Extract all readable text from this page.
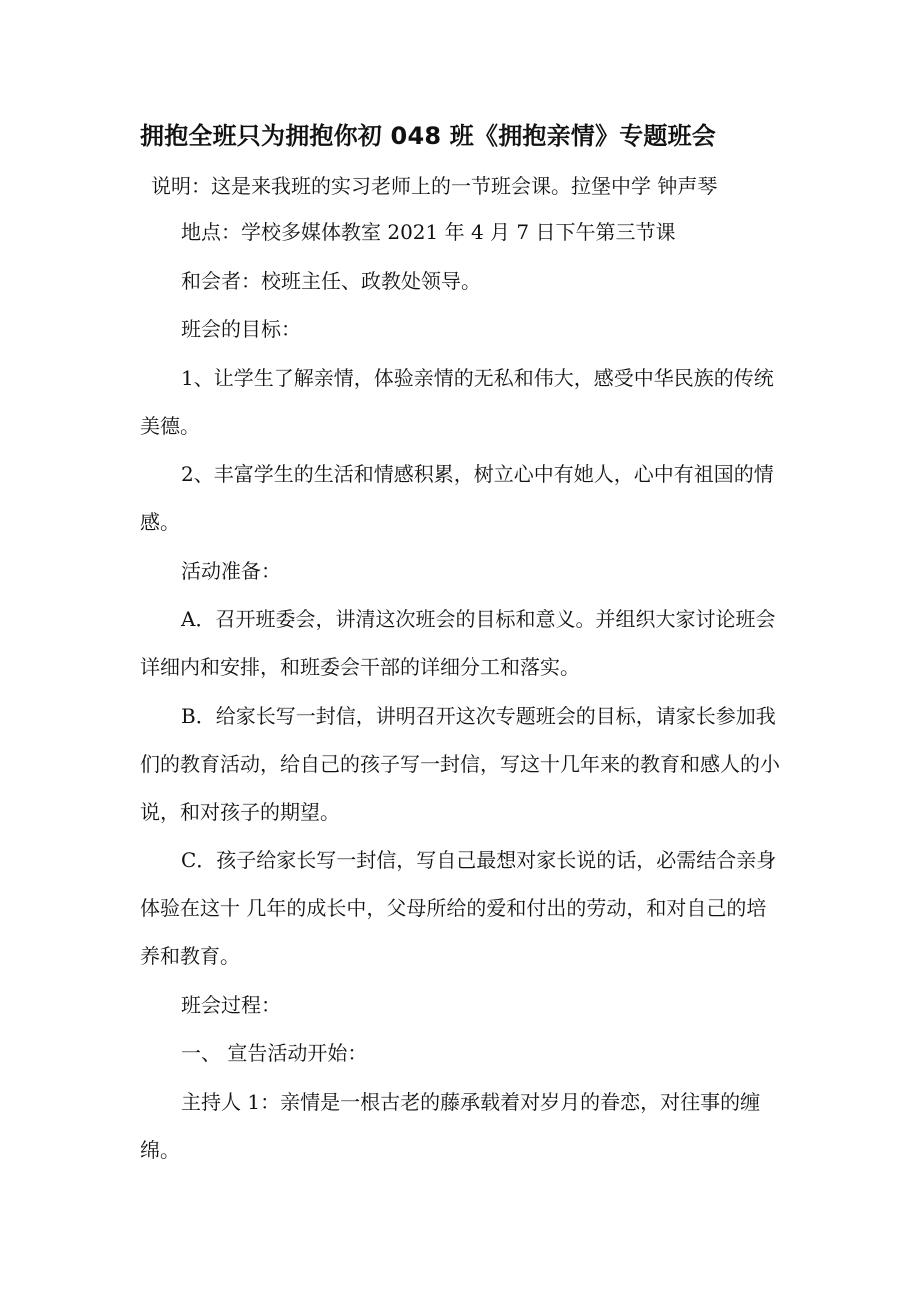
拥抱全班只为拥抱你初 048 班《拥抱亲情》专题班会
说明：这是来我班的实习老师上的一节班会课。拉堡中学 钟声琴
地点：学校多媒体教室 2021 年 4 月 7 日下午第三节课
和会者：校班主任、政教处领导。
班会的目标：
1、让学生了解亲情，体验亲情的无私和伟大，感受中华民族的传统美德。
2、丰富学生的生活和情感积累，树立心中有她人，心中有祖国的情感。
活动准备：
A．召开班委会，讲清这次班会的目标和意义。并组织大家讨论班会详细内和安排，和班委会干部的详细分工和落实。
B．给家长写一封信，讲明召开这次专题班会的目标，请家长参加我们的教育活动，给自己的孩子写一封信，写这十几年来的教育和感人的小说，和对孩子的期望。
C．孩子给家长写一封信，写自己最想对家长说的话，必需结合亲身体验在这十 几年的成长中，父母所给的爱和付出的劳动，和对自己的培养和教育。
班会过程：
一、 宣告活动开始：
主持人 1：亲情是一根古老的藤承载着对岁月的眷恋，对往事的缠绵。
